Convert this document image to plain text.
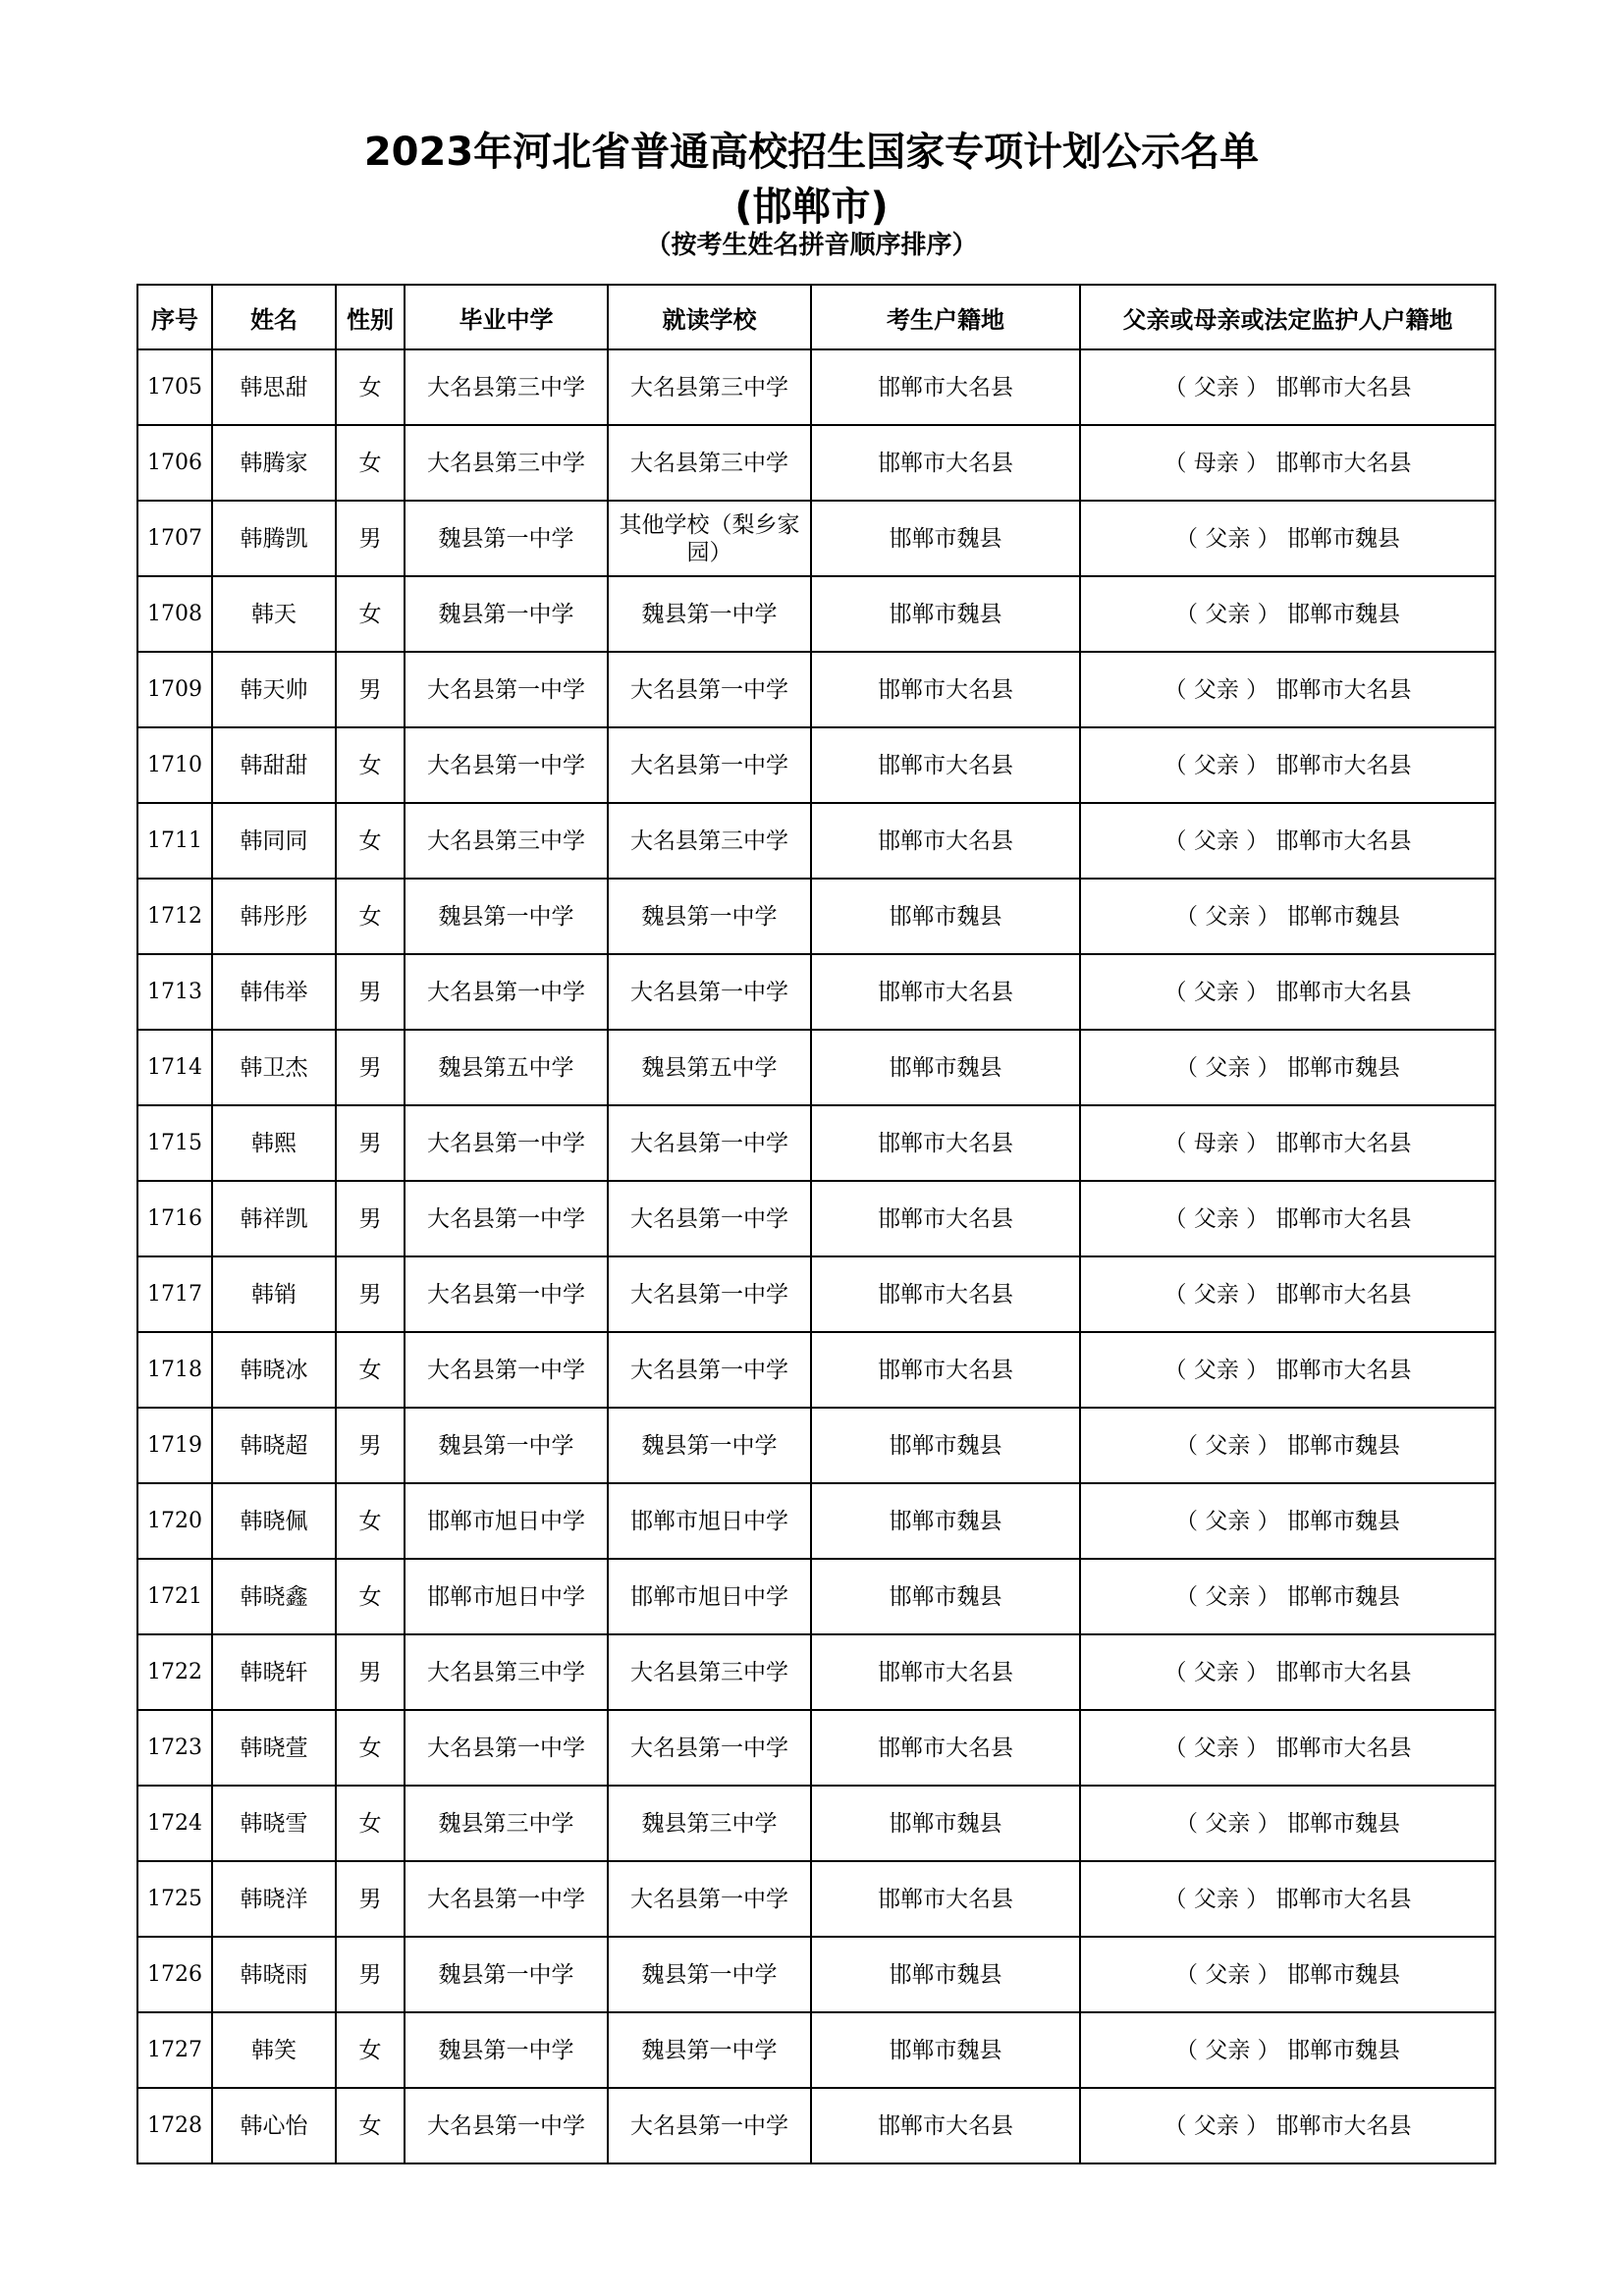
2023年河北省普通高校招生国家专项计划公示名单
(邯郸市)
（按考生姓名拼音顺序排序）
序号	姓名	性别	毕业中学	就读学校	考生户籍地	父亲或母亲或法定监护人户籍地
1705	韩思甜	女	大名县第三中学	大名县第三中学	邯郸市大名县	（ 父亲 ） 邯郸市大名县
1706	韩腾家	女	大名县第三中学	大名县第三中学	邯郸市大名县	（ 母亲 ） 邯郸市大名县
1707	韩腾凯	男	魏县第一中学	其他学校（梨乡家园）	邯郸市魏县	（ 父亲 ） 邯郸市魏县
1708	韩天	女	魏县第一中学	魏县第一中学	邯郸市魏县	（ 父亲 ） 邯郸市魏县
1709	韩天帅	男	大名县第一中学	大名县第一中学	邯郸市大名县	（ 父亲 ） 邯郸市大名县
1710	韩甜甜	女	大名县第一中学	大名县第一中学	邯郸市大名县	（ 父亲 ） 邯郸市大名县
1711	韩同同	女	大名县第三中学	大名县第三中学	邯郸市大名县	（ 父亲 ） 邯郸市大名县
1712	韩彤彤	女	魏县第一中学	魏县第一中学	邯郸市魏县	（ 父亲 ） 邯郸市魏县
1713	韩伟举	男	大名县第一中学	大名县第一中学	邯郸市大名县	（ 父亲 ） 邯郸市大名县
1714	韩卫杰	男	魏县第五中学	魏县第五中学	邯郸市魏县	（ 父亲 ） 邯郸市魏县
1715	韩熙	男	大名县第一中学	大名县第一中学	邯郸市大名县	（ 母亲 ） 邯郸市大名县
1716	韩祥凯	男	大名县第一中学	大名县第一中学	邯郸市大名县	（ 父亲 ） 邯郸市大名县
1717	韩销	男	大名县第一中学	大名县第一中学	邯郸市大名县	（ 父亲 ） 邯郸市大名县
1718	韩晓冰	女	大名县第一中学	大名县第一中学	邯郸市大名县	（ 父亲 ） 邯郸市大名县
1719	韩晓超	男	魏县第一中学	魏县第一中学	邯郸市魏县	（ 父亲 ） 邯郸市魏县
1720	韩晓佩	女	邯郸市旭日中学	邯郸市旭日中学	邯郸市魏县	（ 父亲 ） 邯郸市魏县
1721	韩晓鑫	女	邯郸市旭日中学	邯郸市旭日中学	邯郸市魏县	（ 父亲 ） 邯郸市魏县
1722	韩晓轩	男	大名县第三中学	大名县第三中学	邯郸市大名县	（ 父亲 ） 邯郸市大名县
1723	韩晓萱	女	大名县第一中学	大名县第一中学	邯郸市大名县	（ 父亲 ） 邯郸市大名县
1724	韩晓雪	女	魏县第三中学	魏县第三中学	邯郸市魏县	（ 父亲 ） 邯郸市魏县
1725	韩晓洋	男	大名县第一中学	大名县第一中学	邯郸市大名县	（ 父亲 ） 邯郸市大名县
1726	韩晓雨	男	魏县第一中学	魏县第一中学	邯郸市魏县	（ 父亲 ） 邯郸市魏县
1727	韩笑	女	魏县第一中学	魏县第一中学	邯郸市魏县	（ 父亲 ） 邯郸市魏县
1728	韩心怡	女	大名县第一中学	大名县第一中学	邯郸市大名县	（ 父亲 ） 邯郸市大名县
